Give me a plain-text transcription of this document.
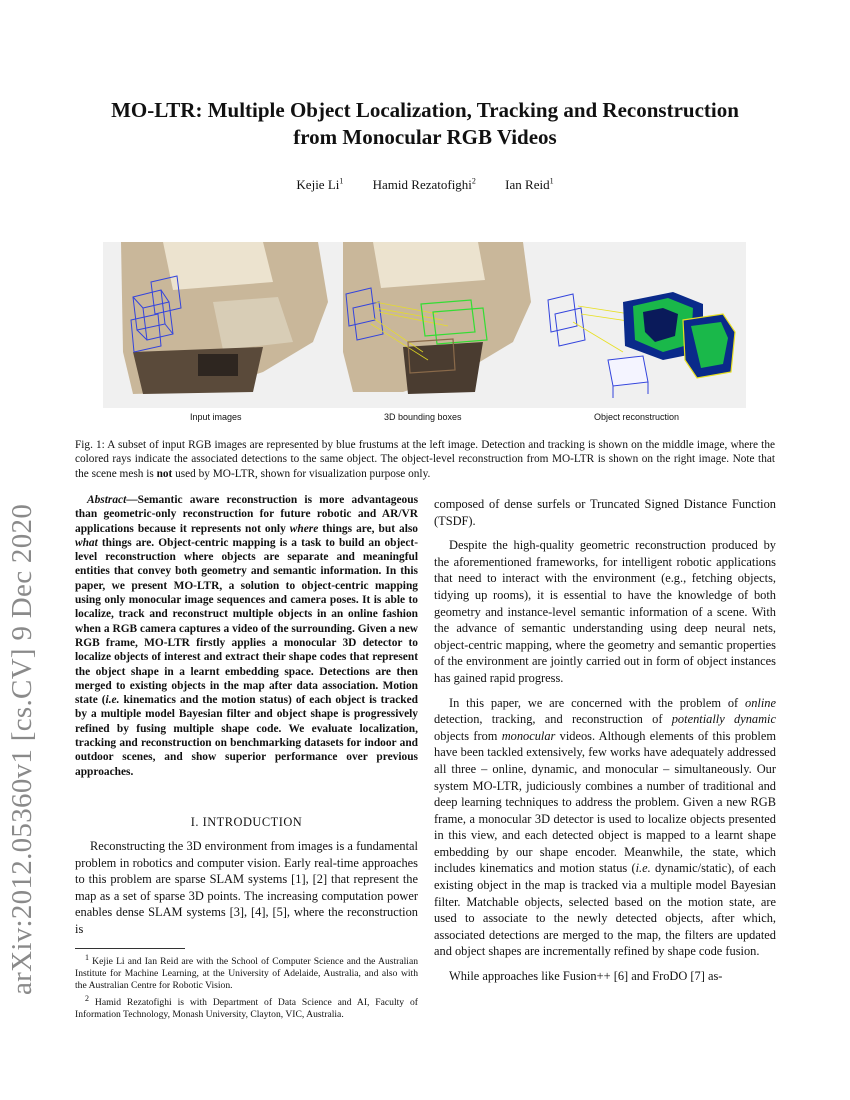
MO-LTR: Multiple Object Localization, Tracking and Reconstruction
from Monocular RGB Videos
Kejie Li$^1$ Hamid Rezatofighi$^2$ Ian Reid$^1$
arXiv:2012.05360v1 [cs.CV] 9 Dec 2020
Input images	3D bounding boxes	Object reconstruction
Fig. 1: A subset of input RGB images are represented by blue frustums at the left image. Detection and tracking is shown on the middle image, where the colored rays indicate the associated detections to the same object. The object-level reconstruction from MO-LTR is shown on the right image. Note that the scene mesh is not used by MO-LTR, shown for visualization purpose only.
Abstract—Semantic aware reconstruction is more advantageous than geometric-only reconstruction for future robotic and AR/VR applications because it represents not only where things are, but also what things are. Object-centric mapping is a task to build an object-level reconstruction where objects are separate and meaningful entities that convey both geometry and semantic information. In this paper, we present MO-LTR, a solution to object-centric mapping using only monocular image sequences and camera poses. It is able to localize, track and reconstruct multiple objects in an online fashion when a RGB camera captures a video of the surrounding. Given a new RGB frame, MO-LTR firstly applies a monocular 3D detector to localize objects of interest and extract their shape codes that represent the object shape in a learnt embedding space. Detections are then merged to existing objects in the map after data association. Motion state (i.e. kinematics and the motion status) of each object is tracked by a multiple model Bayesian filter and object shape is progressively refined by fusing multiple shape code. We evaluate localization, tracking and reconstruction on benchmarking datasets for indoor and outdoor scenes, and show superior performance over previous approaches.
I. INTRODUCTION

Reconstructing the 3D environment from images is a fundamental problem in robotics and computer vision. Early real-time approaches to this problem are sparse SLAM systems [1], [2] that represent the map as a set of sparse 3D points. The increasing computation power enables dense SLAM systems [3], [4], [5], where the reconstruction is

$^1$ Kejie Li and Ian Reid are with the School of Computer Science and the Australian Institute for Machine Learning, at the University of Adelaide, Australia, and also with the Australian Centre for Robotic Vision.

$^2$ Hamid Rezatofighi is with Department of Data Science and AI, Faculty of Information Technology, Monash University, Clayton, VIC, Australia.

composed of dense surfels or Truncated Signed Distance Function (TSDF).

Despite the high-quality geometric reconstruction produced by the aforementioned frameworks, for intelligent robotic applications that need to interact with the environment (e.g., fetching objects, tidying up rooms), it is essential to have the knowledge of both geometry and instance-level semantic information of a scene. With the advance of semantic understanding using deep neural nets, object-centric mapping, where the geometry and semantic properties of the environment are jointly carried out in form of object instances has gained rapid progress.

In this paper, we are concerned with the problem of online detection, tracking, and reconstruction of potentially dynamic objects from monocular videos. Although elements of this problem have been tackled extensively, few works have adequately addressed all three – online, dynamic, and monocular – simultaneously. Our system MO-LTR, judiciously combines a number of traditional and deep learning techniques to address the problem. Given a new RGB frame, a monocular 3D detector is used to localize objects presented in this view, and each detected object is mapped to a learnt shape embedding by our shape encoder. Meanwhile, the state, which includes kinematics and motion status (i.e. dynamic/static), of each existing object in the map is tracked via a multiple model Bayesian filter. Matchable objects, selected based on the motion state, are used to associate to the newly detected objects, after which, associated detections are merged to the map, the filters are updated and object shapes are incrementally refined by shape code fusion.

While approaches like Fusion++ [6] and FroDO [7] as-
